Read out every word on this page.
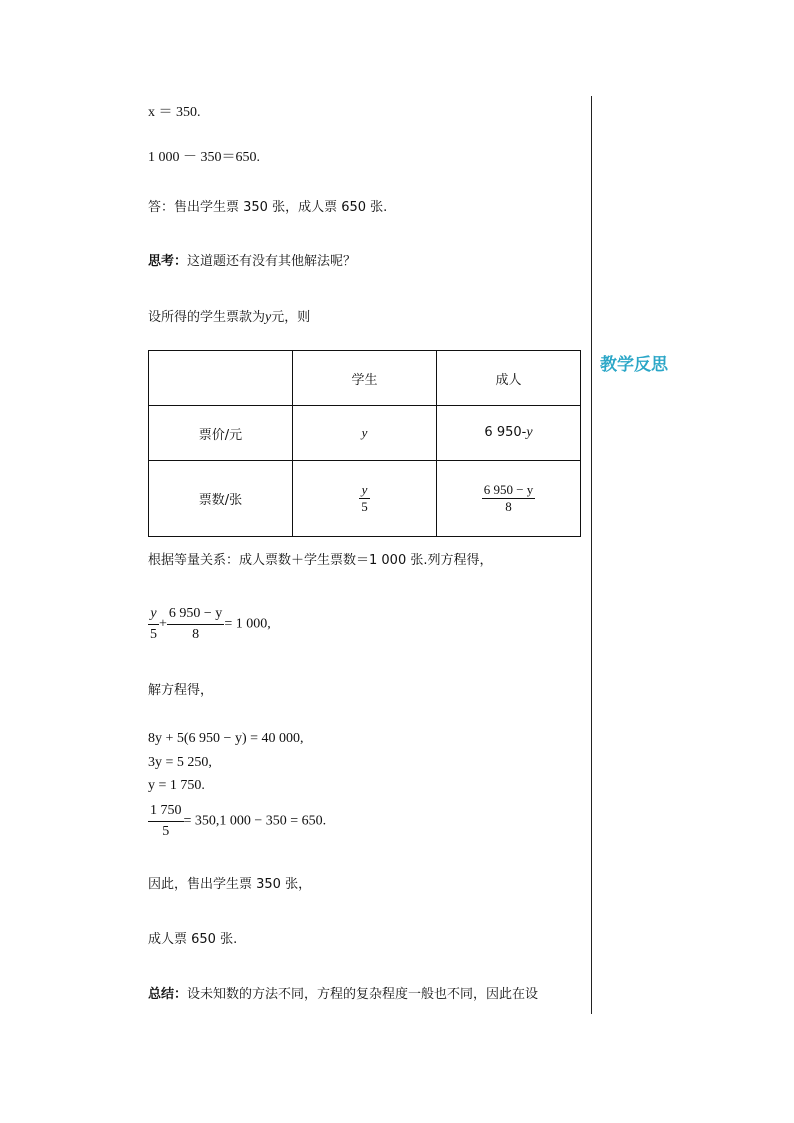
教学反思
x ＝ 350.
1 000 － 350＝650.
答：售出学生票 350 张，成人票 650 张.
思考：这道题还有没有其他解法呢？
设所得的学生票款为y元，则
	学生	成人
票价/元	y	6 950-y
票数/张	$\frac{y}{5}$	$\frac{6 950 - y}{8}$
根据等量关系：成人票数＋学生票数＝1 000 张.列方程得，
$\frac{y}{5} + \frac{6 950 - y}{8} = 1$ 000,
解方程得，
8y + 5(6 950 − y) = 40 000,
3y = 5 250,
y = 1 750.
$\frac{1 750}{5} = 350,1$ 000 − 350 = 650.
因此，售出学生票 350 张，
成人票 650 张.
总结：设未知数的方法不同，方程的复杂程度一般也不同，因此在设
